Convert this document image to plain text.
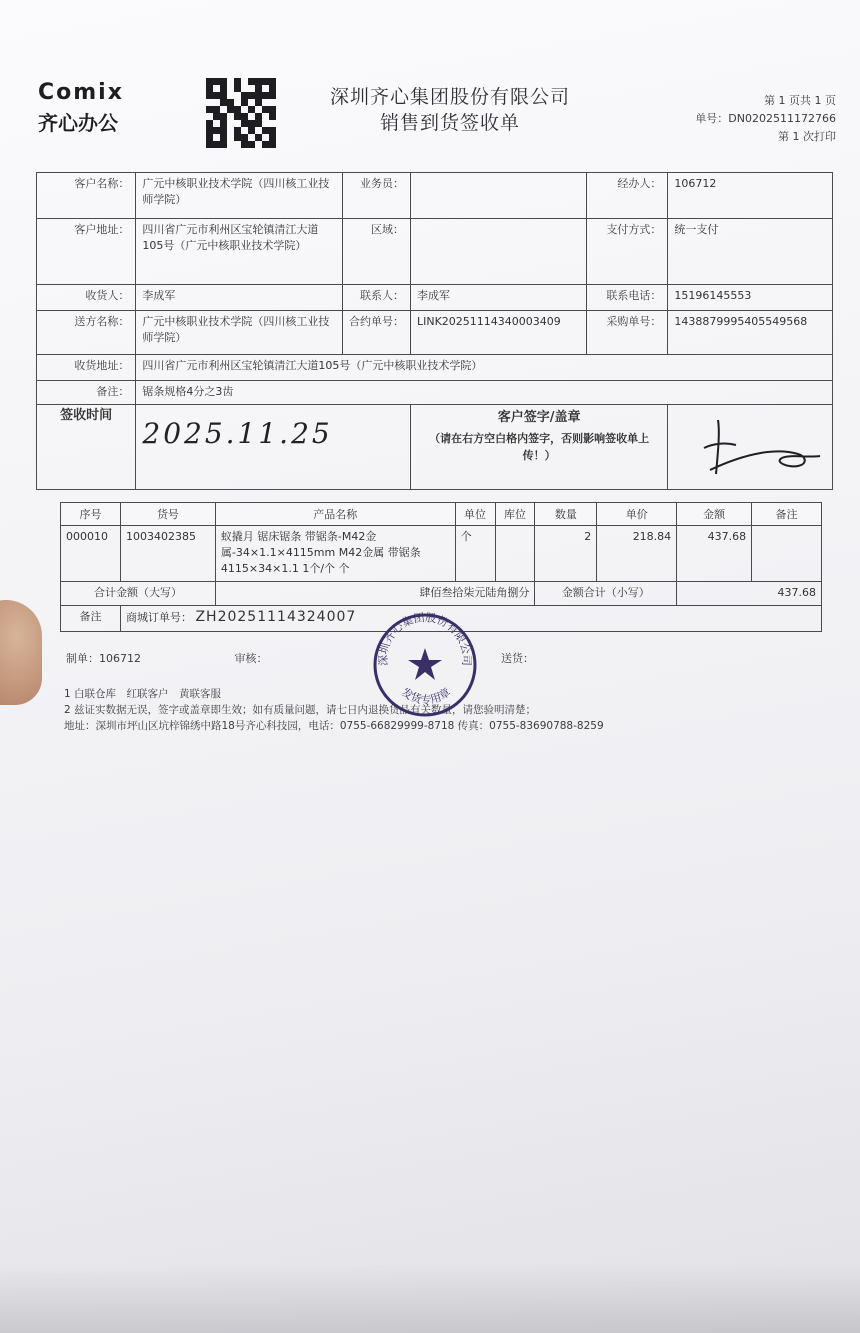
Comix
齐心办公
深圳齐心集团股份有限公司
销售到货签收单
第 1 页共 1 页
单号：DN0202511172766
第 1 次打印
客户名称：	广元中核职业技术学院（四川核工业技师学院）	业务员：		经办人：	106712
客户地址：	四川省广元市利州区宝轮镇清江大道105号（广元中核职业技术学院）	区域：		支付方式：	统一支付
收货人：	李成军	联系人：	李成军	联系电话：	15196145553
送方名称：	广元中核职业技术学院（四川核工业技师学院）	合约单号：	LINK20251114340003409	采购单号：	1438879995405549568
收货地址：	四川省广元市利州区宝轮镇清江大道105号（广元中核职业技术学院）				
备注：	锯条规格4分之3齿				
签收时间	2025.11.25		客户签字/盖章
（请在右方空白格内签字，否则影响签收单上传！）

序号	货号	产品名称	单位	库位	数量	单价	金额	备注
000010	1003402385	蚁撬月 锯床锯条 带锯条-M42金属-34×1.1×4115mm M42金属 带锯条 4115×34×1.1 1个/个 个	个		2	218.84	437.68	
合计金额（大写）		肆佰叁拾柒元陆角捌分			金额合计（小写）		437.68	
备注	商城订单号： ZH20251114324007							
制单：106712	审核：	送货：
1 白联仓库　红联客户　黄联客服
2 兹证实数据无误，签字或盖章即生效；如有质量问题，请七日内退换货品有关数量，请您验明清楚；
地址：深圳市坪山区坑梓锦绣中路18号齐心科技园，电话：0755-66829999-8718 传真：0755-83690788-8259
深圳齐心集团股份有限公司
发货专用章
